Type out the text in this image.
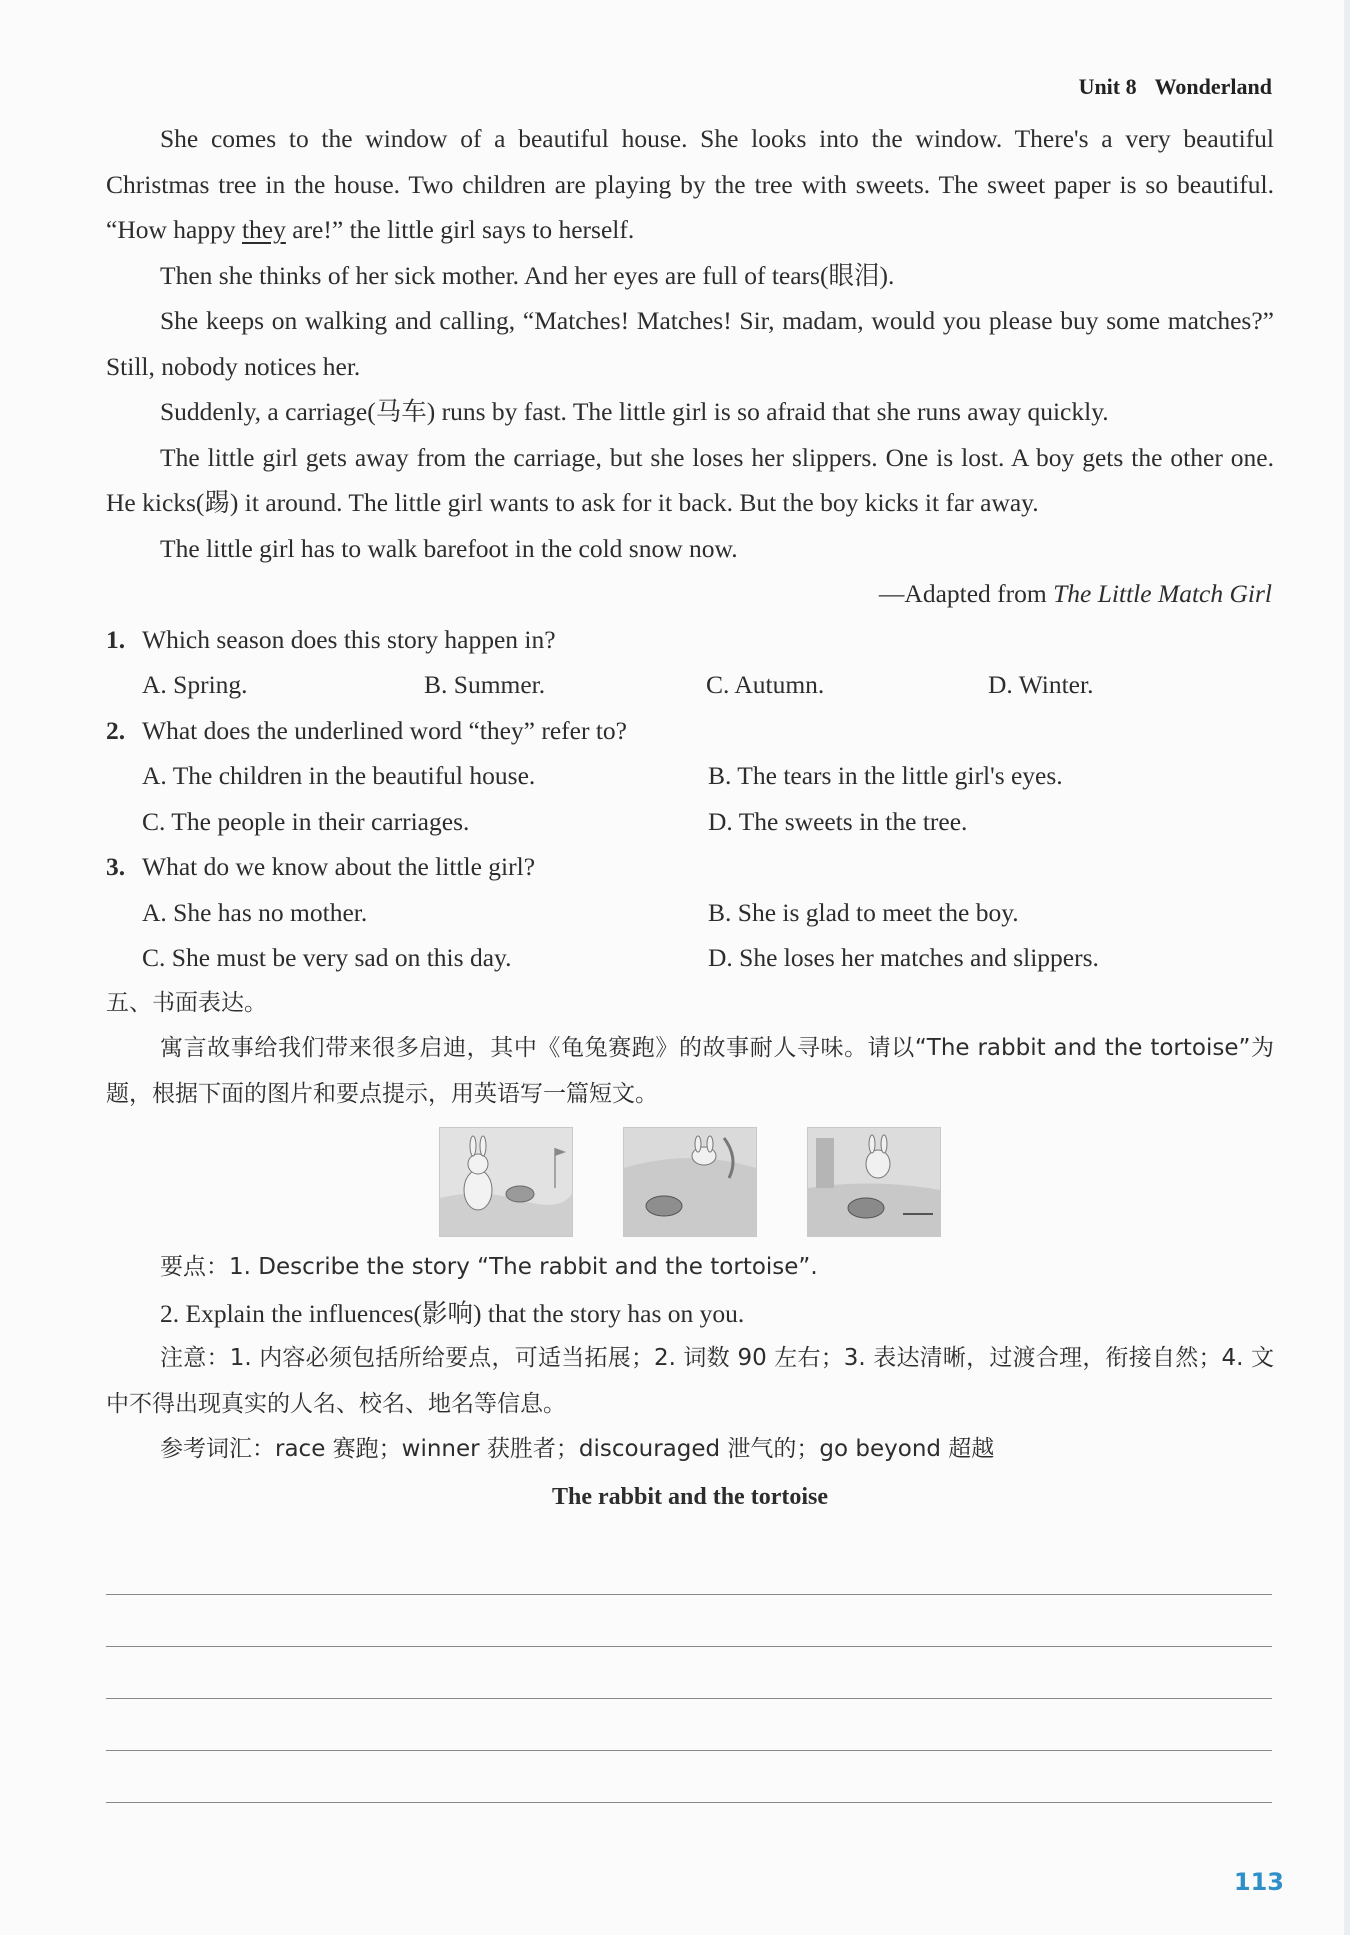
Unit 8 Wonderland

She comes to the window of a beautiful house. She looks into the window. There's a very beautiful Christmas tree in the house. Two children are playing by the tree with sweets. The sweet paper is so beautiful. “How happy they are!” the little girl says to herself.

Then she thinks of her sick mother. And her eyes are full of tears(眼泪).

She keeps on walking and calling, “Matches! Matches! Sir, madam, would you please buy some matches?” Still, nobody notices her.

Suddenly, a carriage(马车) runs by fast. The little girl is so afraid that she runs away quickly.

The little girl gets away from the carriage, but she loses her slippers. One is lost. A boy gets the other one. He kicks(踢) it around. The little girl wants to ask for it back. But the boy kicks it far away.

The little girl has to walk barefoot in the cold snow now.

—Adapted from The Little Match Girl

1. Which season does this story happen in?

A. Spring.	B. Summer.	C. Autumn.	D. Winter.

2. What does the underlined word “they” refer to?

A. The children in the beautiful house.	B. The tears in the little girl's eyes.
C. The people in their carriages.	D. The sweets in the tree.

3. What do we know about the little girl?

A. She has no mother.	B. She is glad to meet the boy.
C. She must be very sad on this day.	D. She loses her matches and slippers.

五、书面表达。

寓言故事给我们带来很多启迪，其中《龟兔赛跑》的故事耐人寻味。请以“The rabbit and the tortoise”为题，根据下面的图片和要点提示，用英语写一篇短文。

要点：1. Describe the story “The rabbit and the tortoise”.

2. Explain the influences(影响) that the story has on you.

注意：1. 内容必须包括所给要点，可适当拓展；2. 词数 90 左右；3. 表达清晰，过渡合理，衔接自然；4. 文中不得出现真实的人名、校名、地名等信息。

参考词汇：race 赛跑；winner 获胜者；discouraged 泄气的；go beyond 超越

The rabbit and the tortoise

113
